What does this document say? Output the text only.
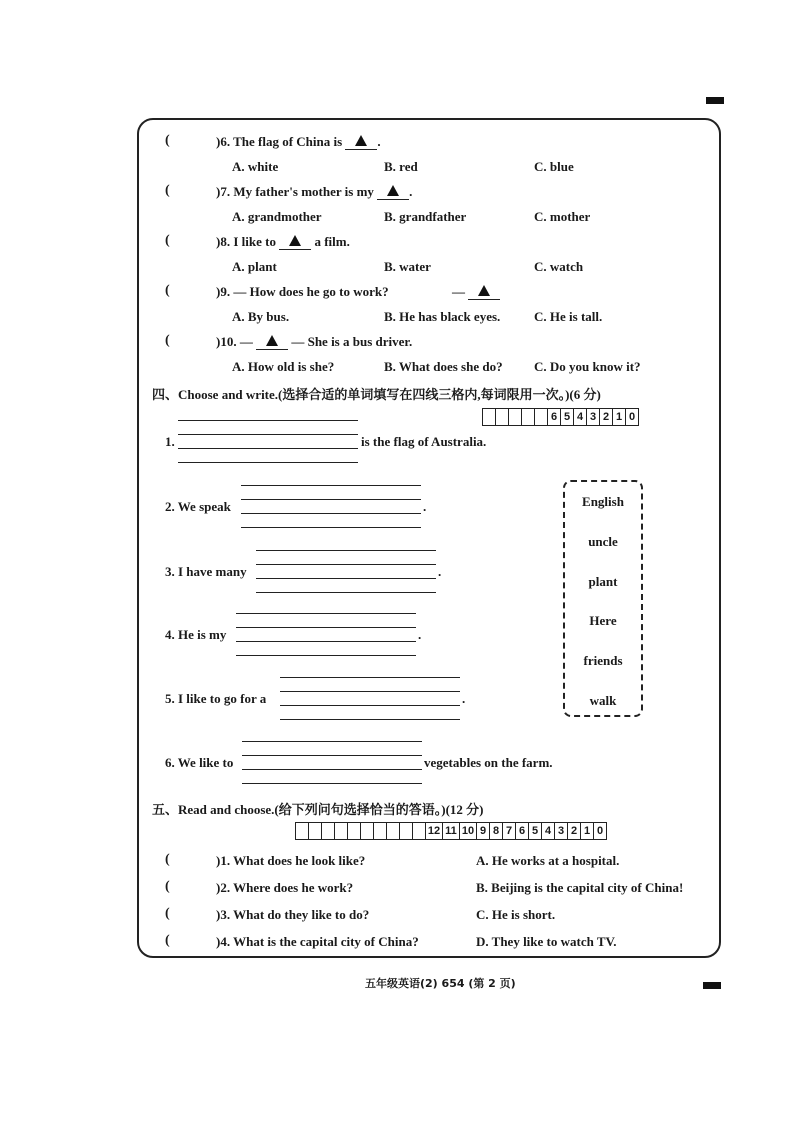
(	)6. The flag of China is	.
A. white	B. red	C. blue
(	)7. My father's mother is my	.
A. grandmother	B. grandfather	C. mother
(	)8. I like to	a film.
A. plant	B. water	C. watch
(	)9. — How does he go to work?	—
A. By bus.	B. He has black eyes.	C. He is tall.
(	)10. —	— She is a bus driver.
A. How old is she?	B. What does she do? C. Do you know it?
四、Choose and write.(选择合适的单词填写在四线三格内,每词限用一次。)(6 分)
6 5 4 3 2 1 0
1.	is the flag of Australia.
2. We speak	.
3. I have many	.
4. He is my	.
5. I like to go for a	.
6. We like to	vegetables on the farm.
English
uncle
plant
Here
friends
walk
五、Read and choose.(给下列问句选择恰当的答语。)(12 分)
12 11 10 9 8 7 6 5 4 3 2 1 0
(	)1. What does he look like?	A. He works at a hospital.
(	)2. Where does he work?	B. Beijing is the capital city of China!
(	)3. What do they like to do?	C. He is short.
(	)4. What is the capital city of China?	D. They like to watch TV.
五年级英语(2) 654 (第 2 页)
